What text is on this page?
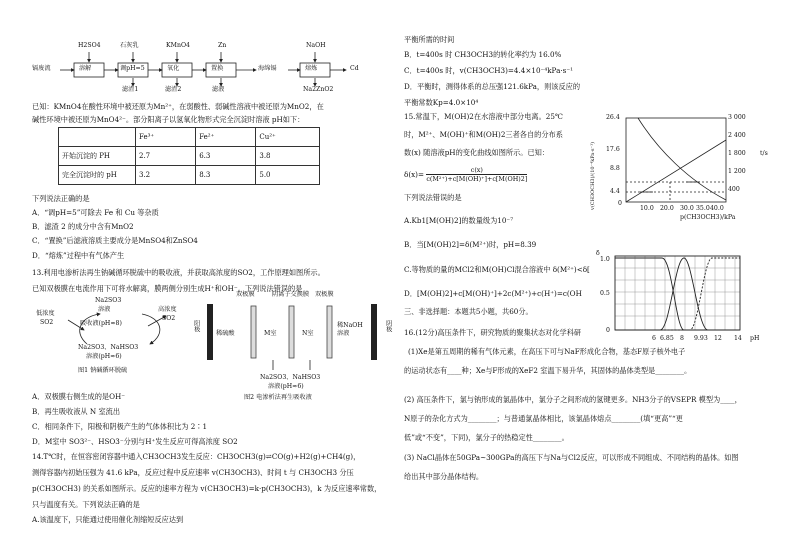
H2SO4	石灰乳	KMnO4	Zn	NaOH
镉废流	溶解	调pH=5	氧化	置换	海绵镉	熔炼	Cd
滤渣1	滤渣2	滤液	Na2ZnO2
已知：KMnO4在酸性环境中被还原为Mn²⁺，在弱酸性、弱碱性溶液中被还原为MnO2，在
碱性环境中被还原为MnO4²⁻。部分阳离子以氢氧化物形式完全沉淀时溶液 pH如下：
	Fe³⁺	Fe²⁺	Cu²⁺
开始沉淀的 PH	2.7	6.3	3.8
完全沉淀时的 pH	3.2	8.3	5.0
下列说法正确的是
A．“调pH=5”可除去 Fe 和 Cu 等杂质
B．滤渣 2 的成分中含有MnO2
C．“置换”后滤液溶质主要成分是MnSO4和ZnSO4
D．“熔炼”过程中有气体产生
13.利用电渗析法再生钠碱循环脱硫中的吸收液，并获取高浓度的SO2，工作原理如图所示。
已知双极膜在电流作用下可将水解离，膜两侧分别生成H⁺和OH⁻。下列说法错误的是
Na2SO3
溶液
吸收液(pH≈8)
低浓度
SO2
高浓度
SO2
Na2SO3、NaHSO3
溶液(pH≈6)
图1 钠碱循环脱硫
阳极	阴极
双极膜	阴离子交换膜 双极膜
稀硫酸	M室	N室
稀NaOH溶液
Na2SO3、NaHSO3
溶液(pH≈6)
图2 电渗析法再生吸收液
A．双极膜右侧生成的是OH⁻
B．再生吸收液从 N 室流出
C．相同条件下，阳极和阴极产生的气体体积比为 2∶1
D．M室中 SO3²⁻、HSO3⁻分别与H⁺发生反应可得高浓度 SO2
14.T℃时，在恒容密闭容器中通入CH3OCH3发生反应：CH3OCH3(g)⇌CO(g)+H2(g)+CH4(g)，
测得容器内初始压强为 41.6 kPa，反应过程中反应速率 v(CH3OCH3)、时间 t 与 CH3OCH3 分压
p(CH3OCH3) 的关系如图所示。反应的速率方程为 v(CH3OCH3)=k·p(CH3OCH3)，k 为反应速率常数，
只与温度有关。下列说法正确的是
A.该温度下，只能通过使用催化剂缩短反应达到
平衡所需的时间
B．t=400s 时 CH3OCH3的转化率约为 16.0%
C．t=400s 时，v(CH3OCH3)=4.4×10⁻⁴kPa·s⁻¹
D．平衡时，测得体系的总压强121.6kPa，则该反应的
平衡常数Kp=4.0×10⁴
15.常温下，M(OH)2在水溶液中部分电离。25℃
时，M²⁺、M(OH)⁺和M(OH)2三者各自的分布系
数(x) 随溶液pH的变化曲线如图所示。已知：
$\delta(x)= \frac{c(x)}{\text{c(M²⁺)+c[M(OH)⁺]+c[M(OH)2]}}$
下列说法错误的是
A.Kb1[M(OH)2]的数量级为10⁻⁷
B．当[M(OH)2]=δ(M²⁺)时，pH=8.39
C.等物质的量的MCl2和M(OH)Cl混合溶液中 δ(M²⁺)<δ[
D．[M(OH)2]+c[M(OH)⁺]+2c(M²⁺)+c(H⁺)=c(OH
三、非选择题：本题共5小题，共60分。
16.(12分)高压条件下，研究物质的聚集状态对化学科研
(1)Xe是第五周期的稀有气体元素，在高压下可与NaF形成化合物，基态F原子核外电子
的运动状态有____种；Xe与F形成的XeF2 室温下易升华，其固体的晶体类型是________。
(2) 高压条件下，氯与钠形成的氯晶体中，氯分子之间形成的氢键更多。NH3分子的VSEPR 模型为____，
N原子的杂化方式为________；与普通氯晶体相比，该氯晶体熔点________(填“更高”“更
低”或“不变”，下同)，氯分子的热稳定性________。
(3) NaCl晶体在50GPa~300GPa的高压下与Na与Cl2反应，可以形成不同组成、不同结构的晶体。如图
给出其中部分晶体结构。
v(CH3OCH3)/(10⁻⁴kPa·s⁻¹)
26.4
17.6
8.8
4.4
0
t/s
3 000
2 400
1 800
1 200
400
10.0 20.0 30.0 35.0 40.0
p(CH3OCH3)/kPa
δ
1.0
0.5
0
6 6.85 8 9.93 12 14 pH
